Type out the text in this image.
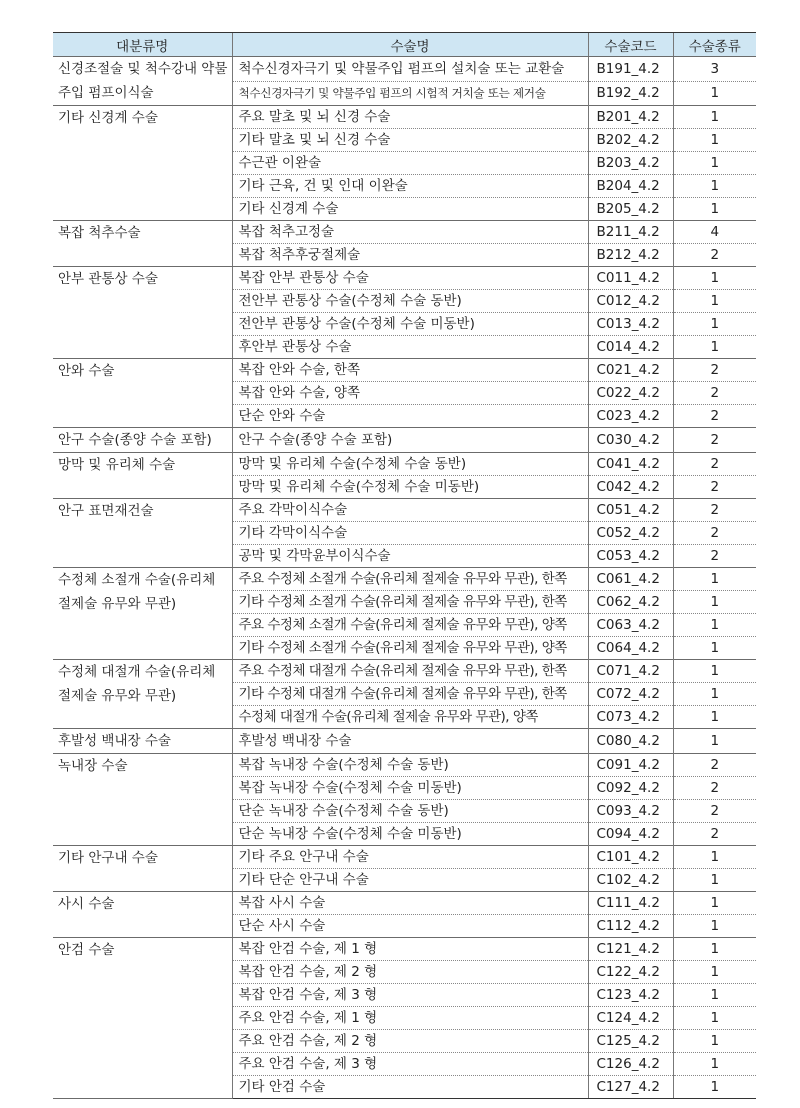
대분류명	수술명	수술코드	수술종류
신경조절술 및 척수강내 약물주입 펌프이식술	척수신경자극기 및 약물주입 펌프의 설치술 또는 교환술	B191_4.2	3
	척수신경자극기 및 약물주입 펌프의 시험적 거치술 또는 제거술	B192_4.2	1
기타 신경계 수술	주요 말초 및 뇌 신경 수술	B201_4.2	1
	기타 말초 및 뇌 신경 수술	B202_4.2	1
	수근관 이완술	B203_4.2	1
	기타 근육, 건 및 인대 이완술	B204_4.2	1
	기타 신경계 수술	B205_4.2	1
복잡 척추수술	복잡 척추고정술	B211_4.2	4
	복잡 척추후궁절제술	B212_4.2	2
안부 관통상 수술	복잡 안부 관통상 수술	C011_4.2	1
	전안부 관통상 수술(수정체 수술 동반)	C012_4.2	1
	전안부 관통상 수술(수정체 수술 미동반)	C013_4.2	1
	후안부 관통상 수술	C014_4.2	1
안와 수술	복잡 안와 수술, 한쪽	C021_4.2	2
	복잡 안와 수술, 양쪽	C022_4.2	2
	단순 안와 수술	C023_4.2	2
안구 수술(종양 수술 포함)	안구 수술(종양 수술 포함)	C030_4.2	2
망막 및 유리체 수술	망막 및 유리체 수술(수정체 수술 동반)	C041_4.2	2
	망막 및 유리체 수술(수정체 수술 미동반)	C042_4.2	2
안구 표면재건술	주요 각막이식수술	C051_4.2	2
	기타 각막이식수술	C052_4.2	2
	공막 및 각막윤부이식수술	C053_4.2	2
수정체 소절개 수술(유리체 절제술 유무와 무관)	주요 수정체 소절개 수술(유리체 절제술 유무와 무관), 한쪽	C061_4.2	1
	기타 수정체 소절개 수술(유리체 절제술 유무와 무관), 한쪽	C062_4.2	1
	주요 수정체 소절개 수술(유리체 절제술 유무와 무관), 양쪽	C063_4.2	1
	기타 수정체 소절개 수술(유리체 절제술 유무와 무관), 양쪽	C064_4.2	1
수정체 대절개 수술(유리체 절제술 유무와 무관)	주요 수정체 대절개 수술(유리체 절제술 유무와 무관), 한쪽	C071_4.2	1
	기타 수정체 대절개 수술(유리체 절제술 유무와 무관), 한쪽	C072_4.2	1
	수정체 대절개 수술(유리체 절제술 유무와 무관), 양쪽	C073_4.2	1
후발성 백내장 수술	후발성 백내장 수술	C080_4.2	1
녹내장 수술	복잡 녹내장 수술(수정체 수술 동반)	C091_4.2	2
	복잡 녹내장 수술(수정체 수술 미동반)	C092_4.2	2
	단순 녹내장 수술(수정체 수술 동반)	C093_4.2	2
	단순 녹내장 수술(수정체 수술 미동반)	C094_4.2	2
기타 안구내 수술	기타 주요 안구내 수술	C101_4.2	1
	기타 단순 안구내 수술	C102_4.2	1
사시 수술	복잡 사시 수술	C111_4.2	1
	단순 사시 수술	C112_4.2	1
안검 수술	복잡 안검 수술, 제 1 형	C121_4.2	1
	복잡 안검 수술, 제 2 형	C122_4.2	1
	복잡 안검 수술, 제 3 형	C123_4.2	1
	주요 안검 수술, 제 1 형	C124_4.2	1
	주요 안검 수술, 제 2 형	C125_4.2	1
	주요 안검 수술, 제 3 형	C126_4.2	1
	기타 안검 수술	C127_4.2	1
